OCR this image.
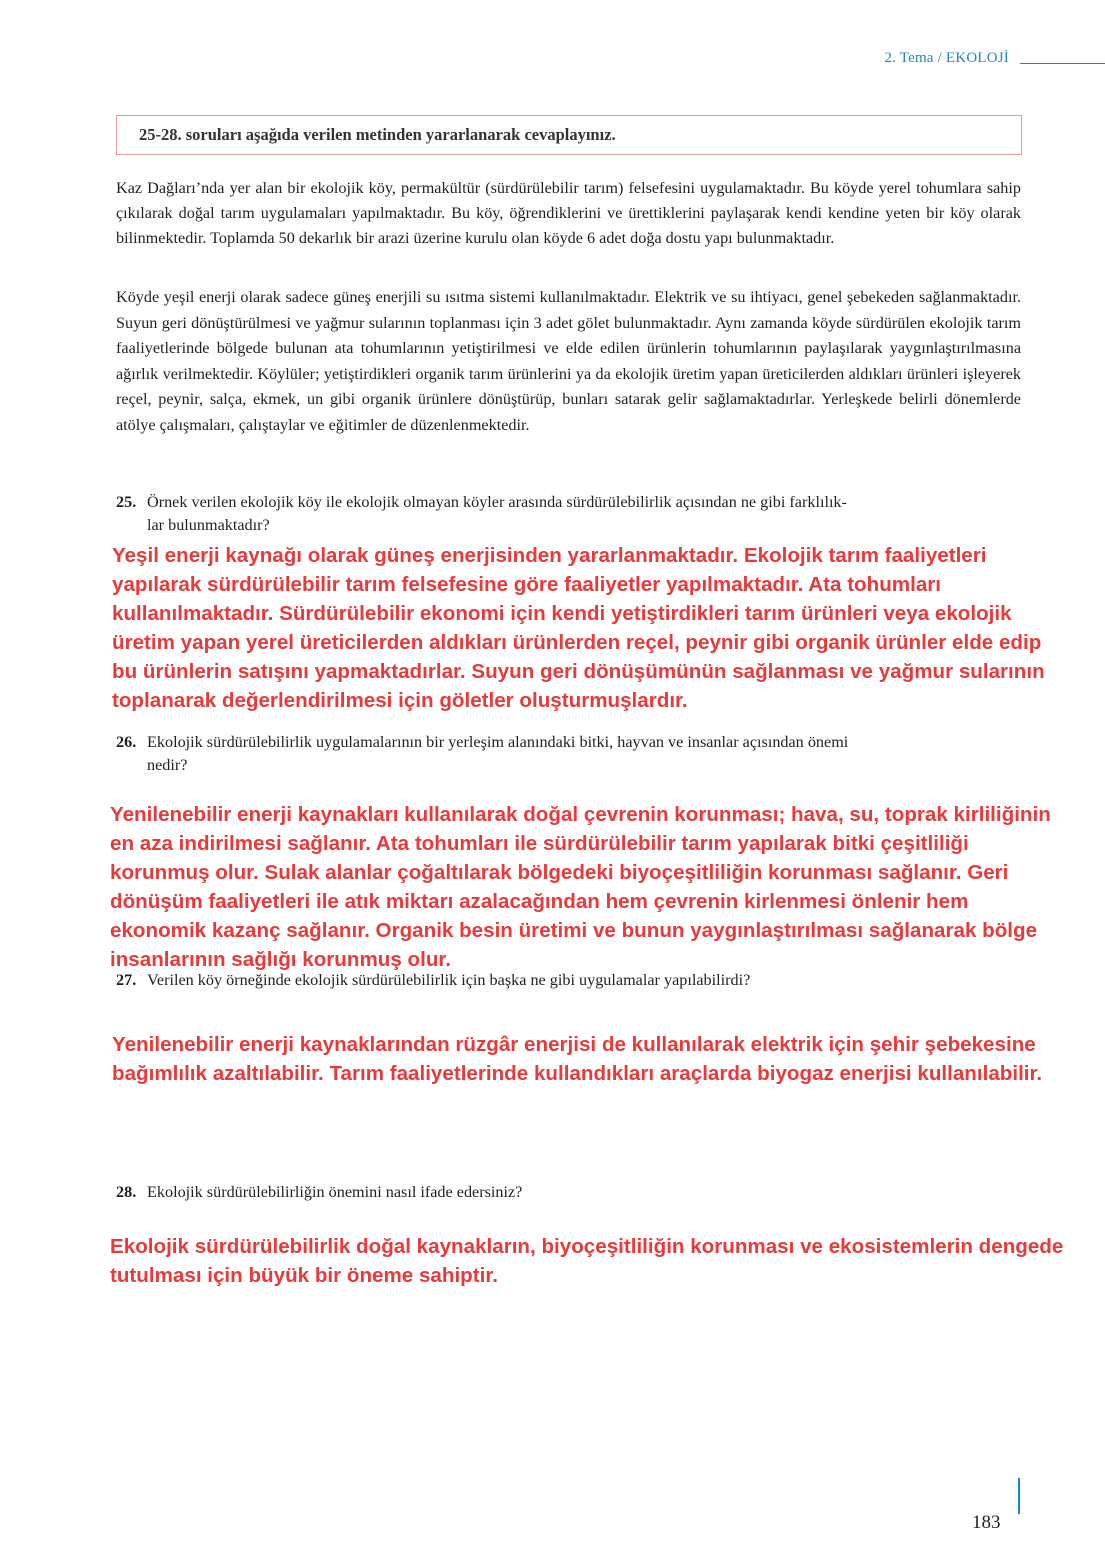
2. Tema / EKOLOJİ
25-28. soruları aşağıda verilen metinden yararlanarak cevaplayınız.

Kaz Dağları’nda yer alan bir ekolojik köy, permakültür (sürdürülebilir tarım) felsefesini uygulamaktadır. Bu köyde yerel tohumlara sahip çıkılarak doğal tarım uygulamaları yapılmaktadır. Bu köy, öğrendiklerini ve ürettiklerini paylaşarak kendi kendine yeten bir köy olarak bilinmektedir. Toplamda 50 dekarlık bir arazi üzerine kurulu olan köyde 6 adet doğa dostu yapı bulunmaktadır.

Köyde yeşil enerji olarak sadece güneş enerjili su ısıtma sistemi kullanılmaktadır. Elektrik ve su ihtiyacı, genel şebekeden sağlanmaktadır. Suyun geri dönüştürülmesi ve yağmur sularının toplanması için 3 adet gölet bulunmaktadır. Aynı zamanda köyde sürdürülen ekolojik tarım faaliyetlerinde bölgede bulunan ata tohumlarının yetiştirilmesi ve elde edilen ürünlerin tohumlarının paylaşılarak yaygınlaştırılmasına ağırlık verilmektedir. Köylüler; yetiştirdikleri organik tarım ürünlerini ya da ekolojik üretim yapan üreticilerden aldıkları ürünleri işleyerek reçel, peynir, salça, ekmek, un gibi organik ürünlere dönüştürüp, bunları satarak gelir sağlamaktadırlar. Yerleşkede belirli dönemlerde atölye çalışmaları, çalıştaylar ve eğitimler de düzenlenmektedir.

25. Örnek verilen ekolojik köy ile ekolojik olmayan köyler arasında sürdürülebilirlik açısından ne gibi farklılık-
lar bulunmaktadır?

Yeşil enerji kaynağı olarak güneş enerjisinden yararlanmaktadır. Ekolojik tarım faaliyetleri yapılarak sürdürülebilir tarım felsefesine göre faaliyetler yapılmaktadır. Ata tohumları kullanılmaktadır. Sürdürülebilir ekonomi için kendi yetiştirdikleri tarım ürünleri veya ekolojik üretim yapan yerel üreticilerden aldıkları ürünlerden reçel, peynir gibi organik ürünler elde edip bu ürünlerin satışını yapmaktadırlar. Suyun geri dönüşümünün sağlanması ve yağmur sularının toplanarak değerlendirilmesi için göletler oluşturmuşlardır.

26. Ekolojik sürdürülebilirlik uygulamalarının bir yerleşim alanındaki bitki, hayvan ve insanlar açısından önemi
nedir?

Yenilenebilir enerji kaynakları kullanılarak doğal çevrenin korunması; hava, su, toprak kirliliğinin en aza indirilmesi sağlanır. Ata tohumları ile sürdürülebilir tarım yapılarak bitki çeşitliliği korunmuş olur. Sulak alanlar çoğaltılarak bölgedeki biyoçeşitliliğin korunması sağlanır. Geri dönüşüm faaliyetleri ile atık miktarı azalacağından hem çevrenin kirlenmesi önlenir hem ekonomik kazanç sağlanır. Organik besin üretimi ve bunun yaygınlaştırılması sağlanarak bölge insanlarının sağlığı korunmuş olur.

27. Verilen köy örneğinde ekolojik sürdürülebilirlik için başka ne gibi uygulamalar yapılabilirdi?

Yenilenebilir enerji kaynaklarından rüzgâr enerjisi de kullanılarak elektrik için şehir şebekesine bağımlılık azaltılabilir. Tarım faaliyetlerinde kullandıkları araçlarda biyogaz enerjisi kullanılabilir.

28. Ekolojik sürdürülebilirliğin önemini nasıl ifade edersiniz?

Ekolojik sürdürülebilirlik doğal kaynakların, biyoçeşitliliğin korunması ve ekosistemlerin dengede tutulması için büyük bir öneme sahiptir.

183
